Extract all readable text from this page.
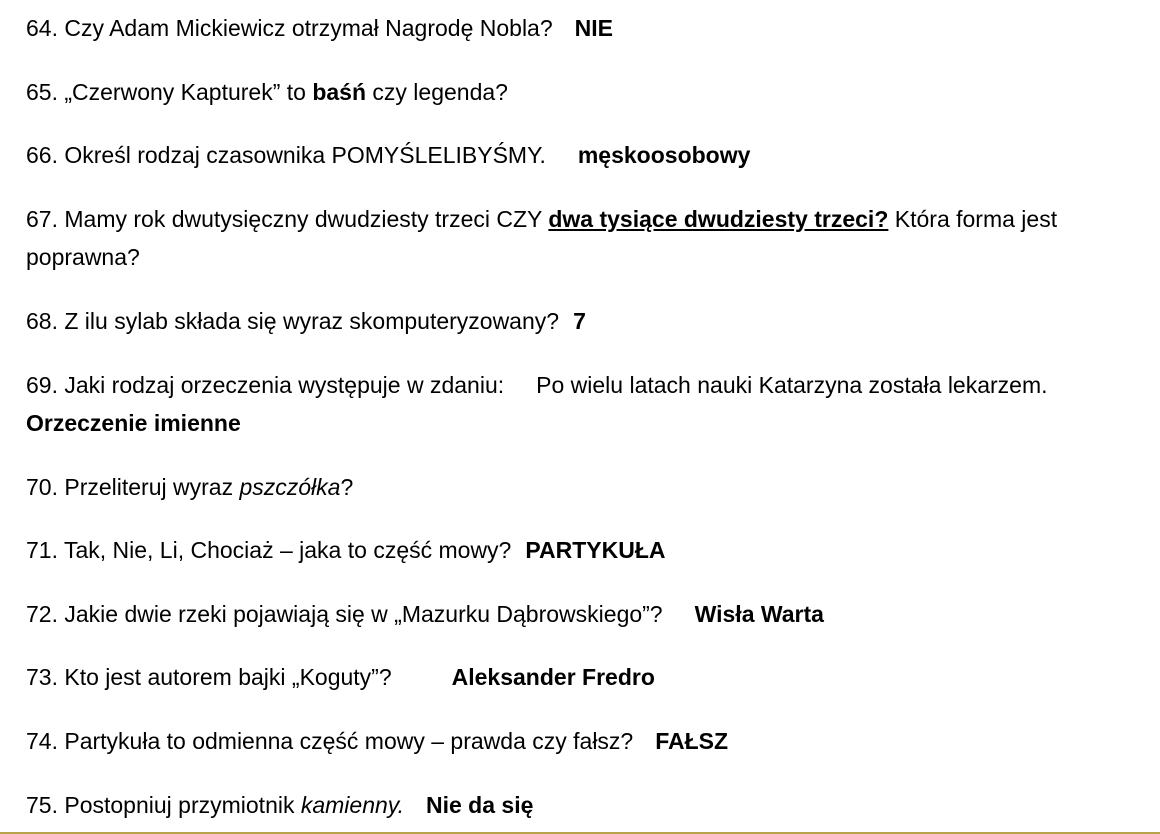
64. Czy Adam Mickiewicz otrzymał Nagrodę Nobla? NIE
65. „Czerwony Kapturek” to baśń czy legenda?
66. Określ rodzaj czasownika POMYŚLELIBYŚMY. męskoosobowy
67. Mamy rok dwutysięczny dwudziesty trzeci CZY dwa tysiące dwudziesty trzeci? Która forma jest
poprawna?
68. Z ilu sylab składa się wyraz skomputeryzowany? 7
69. Jaki rodzaj orzeczenia występuje w zdaniu: Po wielu latach nauki Katarzyna została lekarzem.
Orzeczenie imienne
70. Przeliteruj wyraz pszczółka?
71. Tak, Nie, Li, Chociaż – jaka to część mowy? PARTYKUŁA
72. Jakie dwie rzeki pojawiają się w „Mazurku Dąbrowskiego”? Wisła Warta
73. Kto jest autorem bajki „Koguty”?	Aleksander Fredro
74. Partykuła to odmienna część mowy – prawda czy fałsz? FAŁSZ
75. Postopniuj przymiotnik kamienny. Nie da się
